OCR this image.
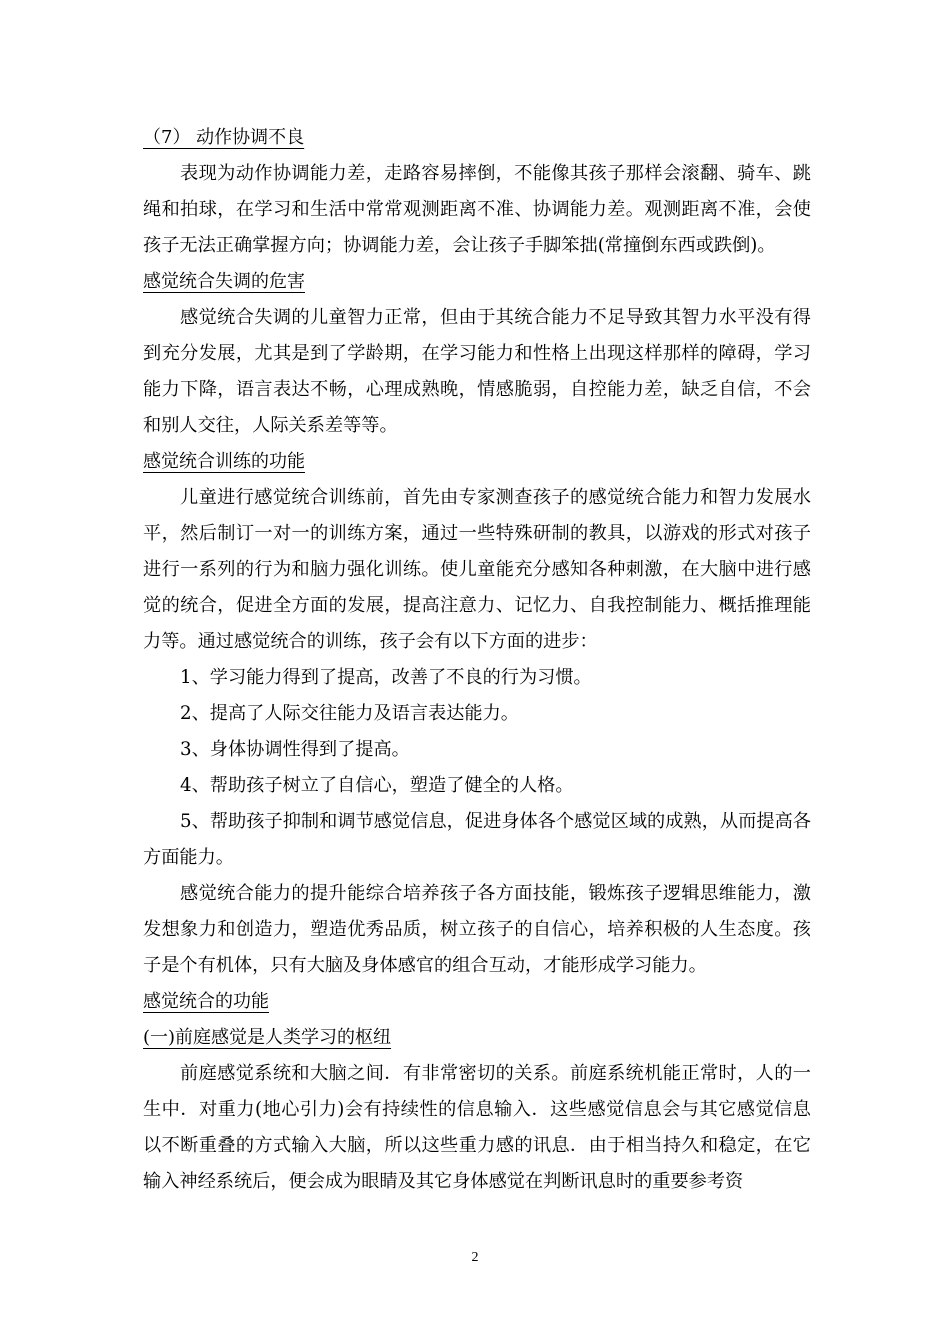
（7） 动作协调不良

表现为动作协调能力差，走路容易摔倒，不能像其孩子那样会滚翻、骑车、跳绳和拍球，在学习和生活中常常观测距离不准、协调能力差。观测距离不准，会使孩子无法正确掌握方向；协调能力差，会让孩子手脚笨拙(常撞倒东西或跌倒)。

感觉统合失调的危害

感觉统合失调的儿童智力正常，但由于其统合能力不足导致其智力水平没有得到充分发展，尤其是到了学龄期，在学习能力和性格上出现这样那样的障碍，学习能力下降，语言表达不畅，心理成熟晚，情感脆弱，自控能力差，缺乏自信，不会和别人交往，人际关系差等等。

感觉统合训练的功能

儿童进行感觉统合训练前，首先由专家测查孩子的感觉统合能力和智力发展水平，然后制订一对一的训练方案，通过一些特殊研制的教具，以游戏的形式对孩子进行一系列的行为和脑力强化训练。使儿童能充分感知各种刺激，在大脑中进行感觉的统合，促进全方面的发展，提高注意力、记忆力、自我控制能力、概括推理能力等。通过感觉统合的训练，孩子会有以下方面的进步：

1、学习能力得到了提高，改善了不良的行为习惯。

2、提高了人际交往能力及语言表达能力。

3、身体协调性得到了提高。

4、帮助孩子树立了自信心，塑造了健全的人格。

5、帮助孩子抑制和调节感觉信息，促进身体各个感觉区域的成熟，从而提高各方面能力。

感觉统合能力的提升能综合培养孩子各方面技能，锻炼孩子逻辑思维能力，激发想象力和创造力，塑造优秀品质，树立孩子的自信心，培养积极的人生态度。孩子是个有机体，只有大脑及身体感官的组合互动，才能形成学习能力。

感觉统合的功能
(一)前庭感觉是人类学习的枢纽

前庭感觉系统和大脑之间．有非常密切的关系。前庭系统机能正常时，人的一生中．对重力(地心引力)会有持续性的信息输入．这些感觉信息会与其它感觉信息以不断重叠的方式输入大脑，所以这些重力感的讯息．由于相当持久和稳定，在它输入神经系统后，便会成为眼睛及其它身体感觉在判断讯息时的重要参考资

2
